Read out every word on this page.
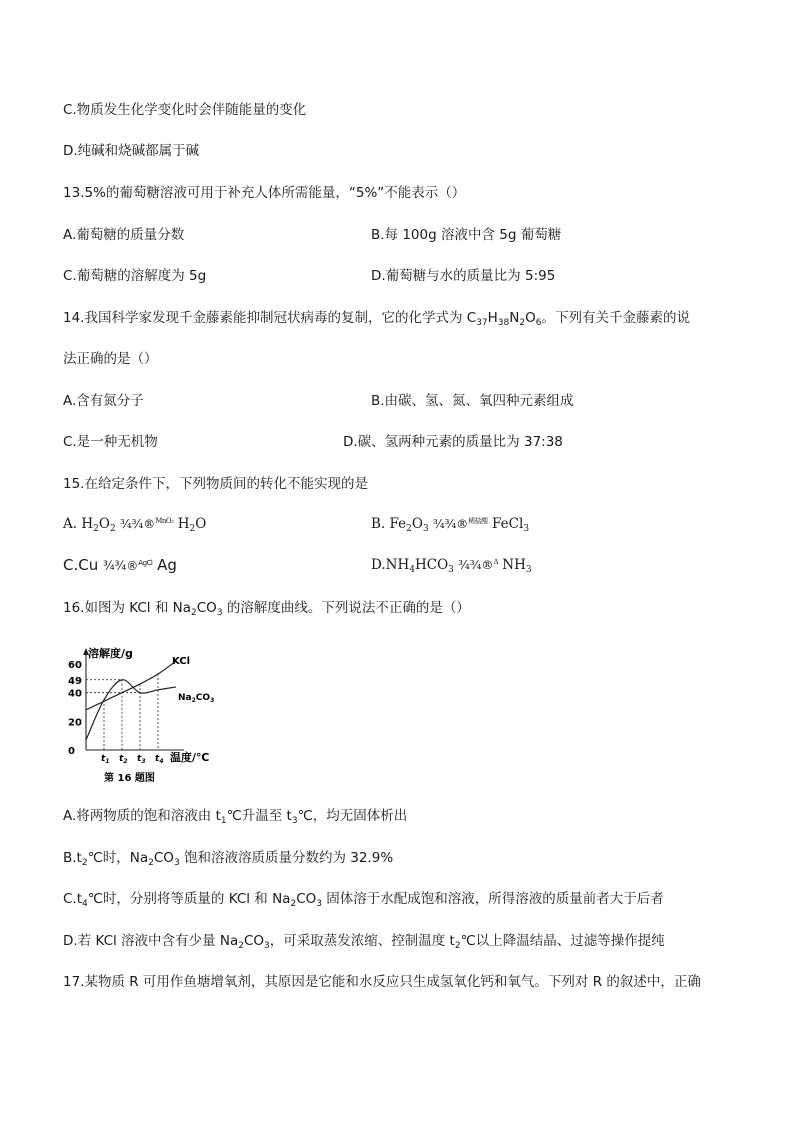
C.物质发生化学变化时会伴随能量的变化
D.纯碱和烧碱都属于碱
13.5%的葡萄糖溶液可用于补充人体所需能量，“5%”不能表示（）
A.葡萄糖的质量分数	B.每 100g 溶液中含 5g 葡萄糖
C.葡萄糖的溶解度为 5g	D.葡萄糖与水的质量比为 5:95
14.我国科学家发现千金藤素能抑制冠状病毒的复制，它的化学式为 $C_{37}H_{38}N_2O_6$。下列有关千金藤素的说
法正确的是（）
A.含有氮分子	B.由碳、氢、氮、氧四种元素组成
C.是一种无机物	D.碳、氢两种元素的质量比为 37:38
15.在给定条件下，下列物质间的转化不能实现的是
A. $H_2O_2$ ¾¾®$^{MnO_2}$ $H_2O$	B. $Fe_2O_3$ ¾¾®$^{稀盐酸}$ FeCl$_3$
C.Cu ¾¾®$^{AgCl}$ Ag	$D.NH_4HCO_3$ ¾¾®$^\Delta$ $NH_3$
16.如图为 KCl 和 $Na_2CO_3$ 的溶解度曲线。下列说法不正确的是（）
溶解度/g
温度/℃
60
49
40
20
0
$t_1$ $t_2$ $t_3$ $t_4$
KCl
$Na_2CO_3$
第 16 题图
A.将两物质的饱和溶液由 $t_1℃$升温至 $t_3℃$，均无固体析出
$B.t_2℃$时，$Na_2CO_3$ 饱和溶液溶质质量分数约为 32.9%
$C.t_4℃$时，分别将等质量的 KCl 和 $Na_2CO_3$ 固体溶于水配成饱和溶液，所得溶液的质量前者大于后者
D.若 KCl 溶液中含有少量 $Na_2CO_3$，可采取蒸发浓缩、控制温度 $t_2℃$以上降温结晶、过滤等操作提纯
17.某物质 R 可用作鱼塘增氧剂，其原因是它能和水反应只生成氢氧化钙和氧气。下列对 R 的叙述中，正确
